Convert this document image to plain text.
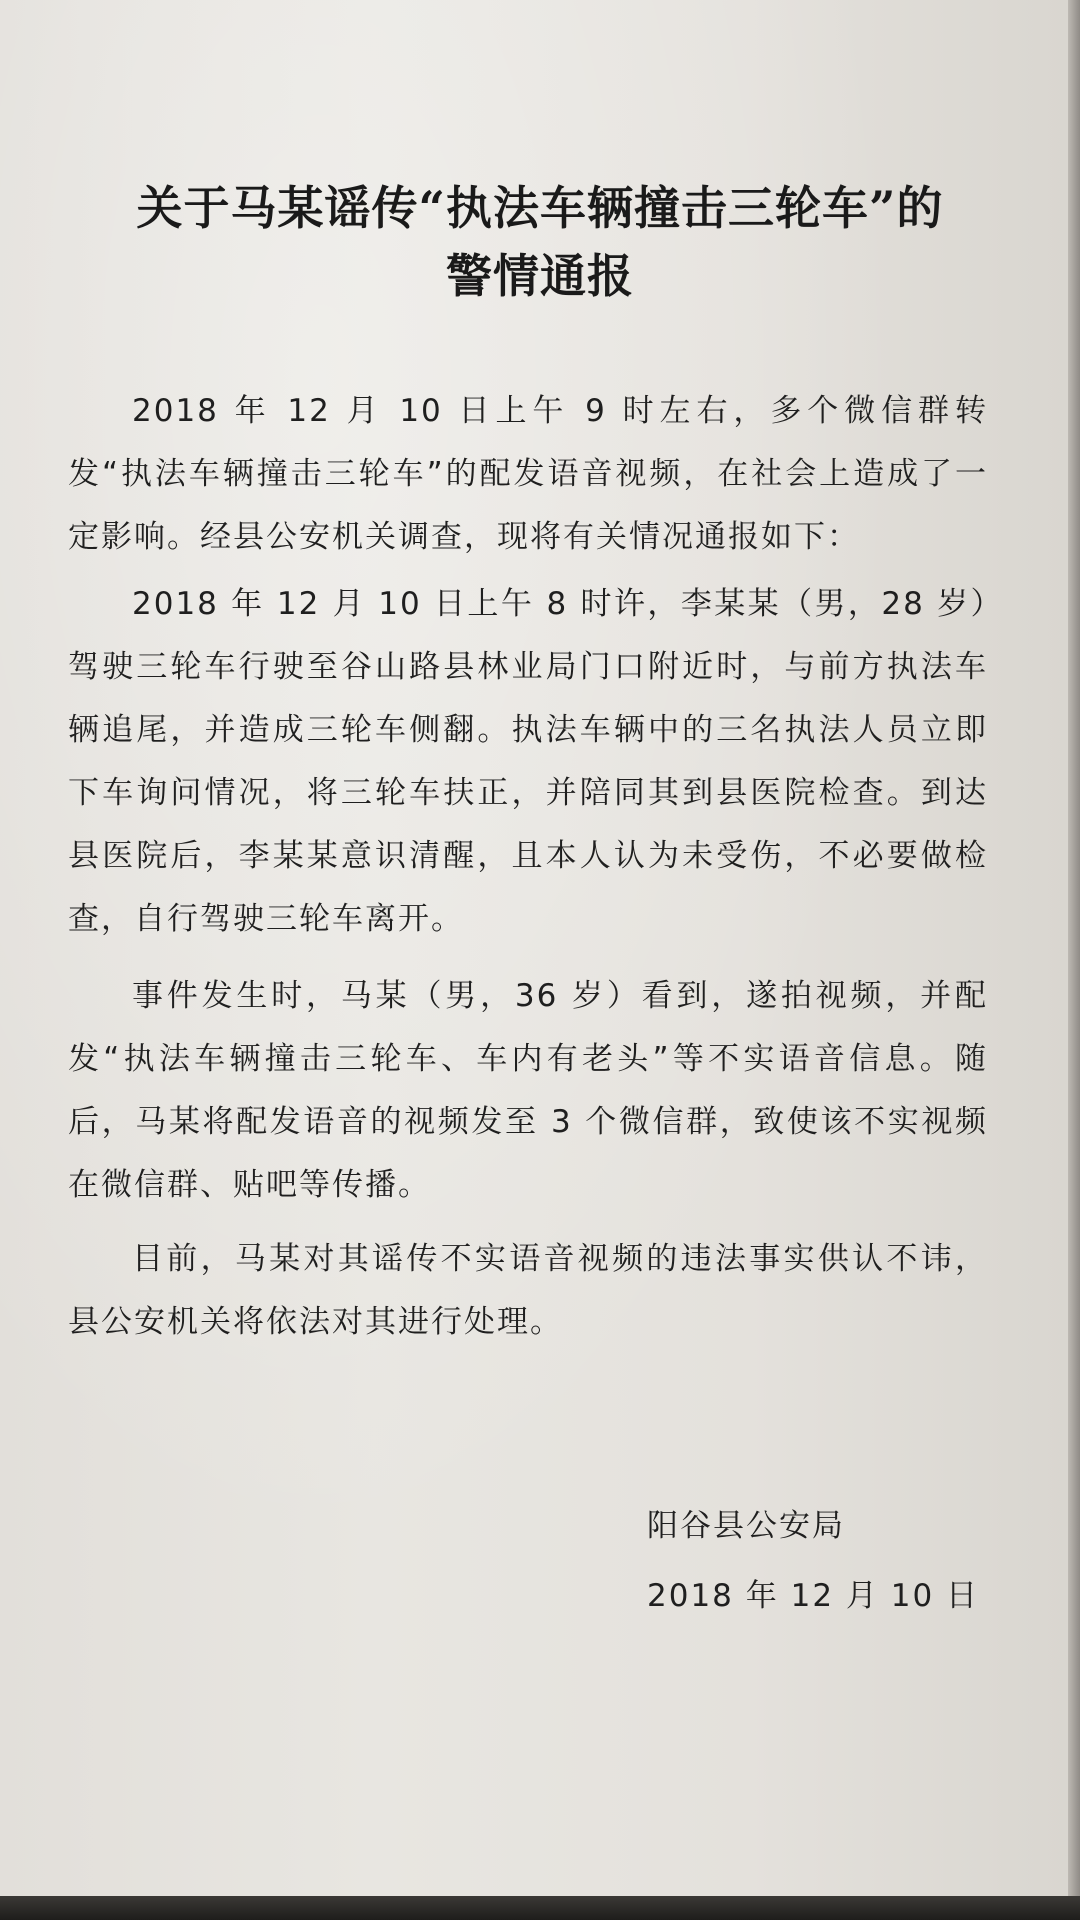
关于马某谣传“执法车辆撞击三轮车”的
警情通报

2018 年 12 月 10 日上午 9 时左右，多个微信群转发“执法车辆撞击三轮车”的配发语音视频，在社会上造成了一定影响。经县公安机关调查，现将有关情况通报如下：

2018 年 12 月 10 日上午 8 时许，李某某（男，28 岁）驾驶三轮车行驶至谷山路县林业局门口附近时，与前方执法车辆追尾，并造成三轮车侧翻。执法车辆中的三名执法人员立即下车询问情况，将三轮车扶正，并陪同其到县医院检查。到达县医院后，李某某意识清醒，且本人认为未受伤，不必要做检查，自行驾驶三轮车离开。

事件发生时，马某（男，36 岁）看到，遂拍视频，并配发“执法车辆撞击三轮车、车内有老头”等不实语音信息。随后，马某将配发语音的视频发至 3 个微信群，致使该不实视频在微信群、贴吧等传播。

目前，马某对其谣传不实语音视频的违法事实供认不讳，县公安机关将依法对其进行处理。

阳谷县公安局
2018 年 12 月 10 日
